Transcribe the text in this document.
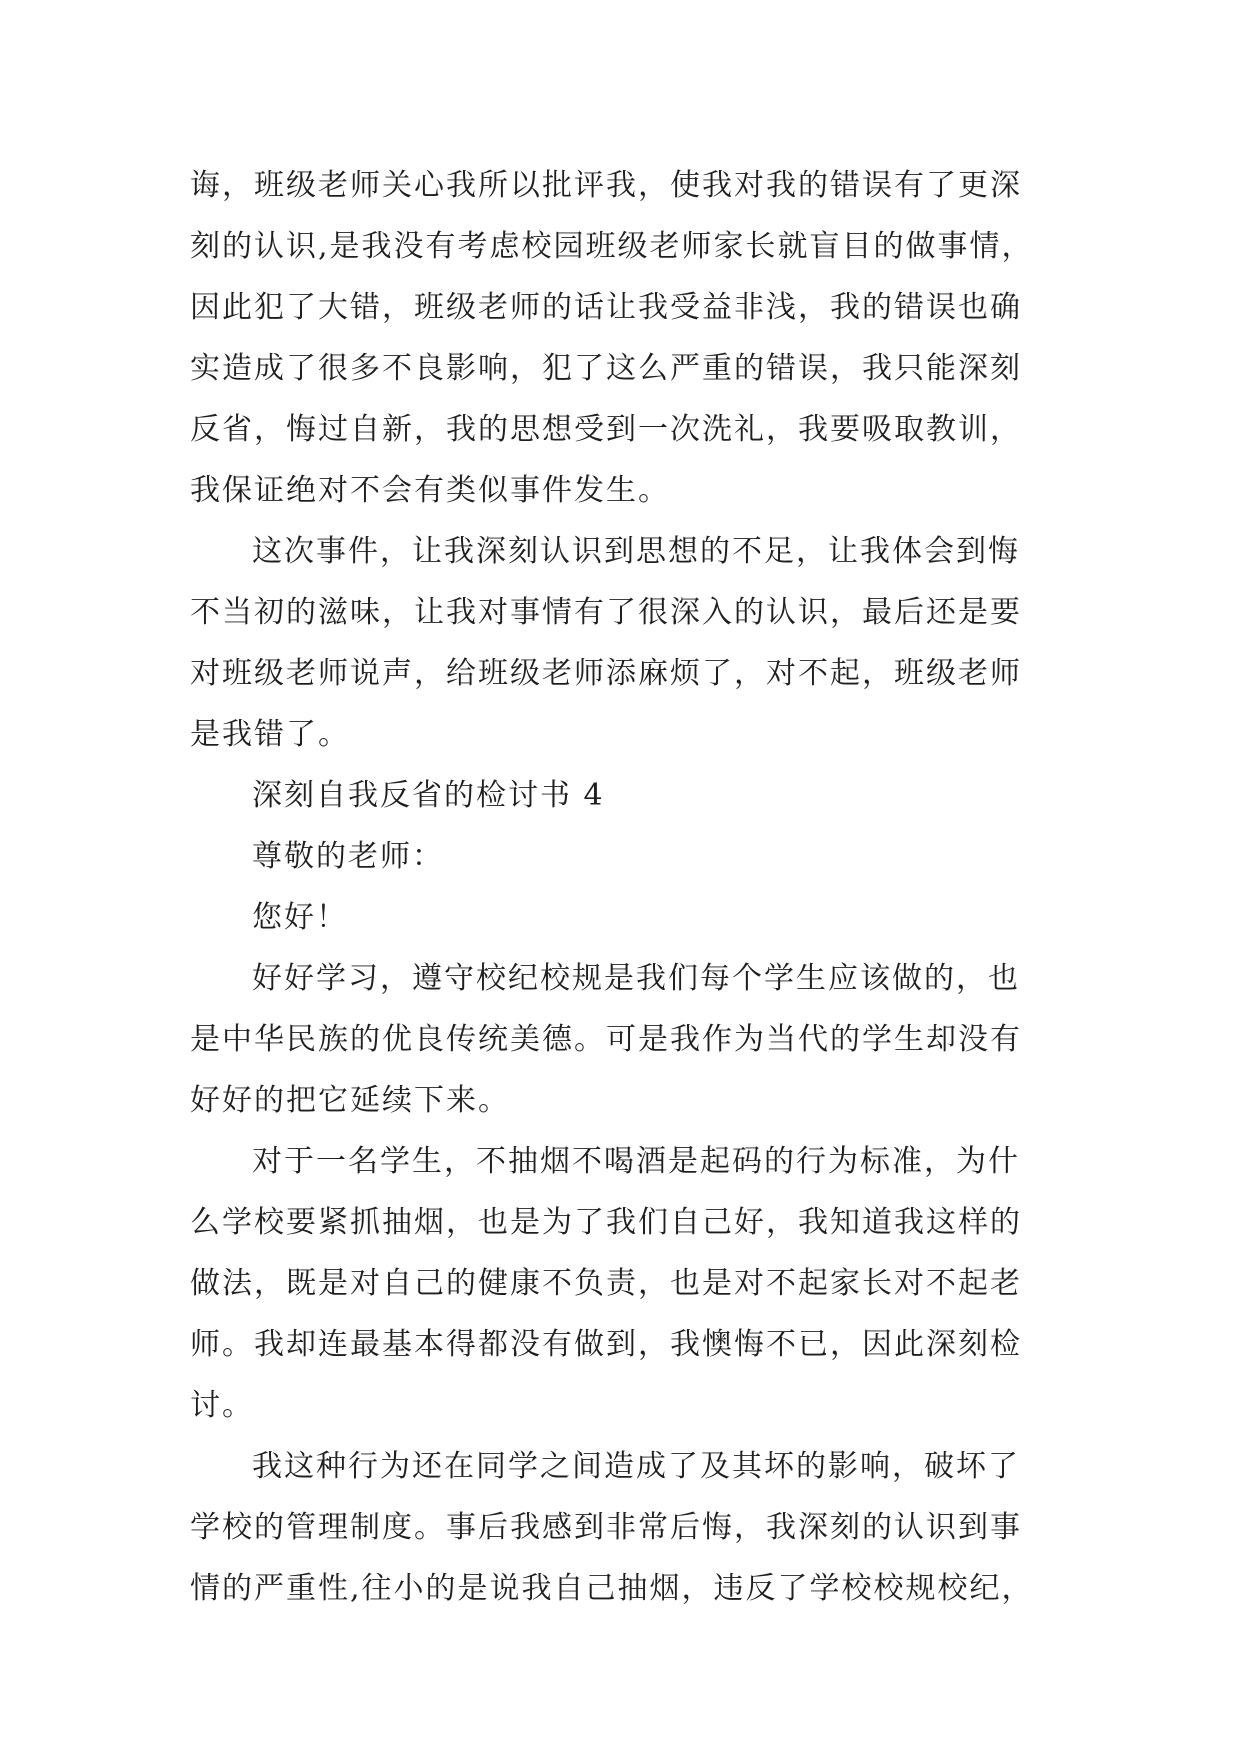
诲，班级老师关心我所以批评我，使我对我的错误有了更深
刻的认识,是我没有考虑校园班级老师家长就盲目的做事情，
因此犯了大错，班级老师的话让我受益非浅，我的错误也确
实造成了很多不良影响，犯了这么严重的错误，我只能深刻
反省，悔过自新，我的思想受到一次洗礼，我要吸取教训，
我保证绝对不会有类似事件发生。
这次事件，让我深刻认识到思想的不足，让我体会到悔
不当初的滋味，让我对事情有了很深入的认识，最后还是要
对班级老师说声，给班级老师添麻烦了，对不起，班级老师
是我错了。
深刻自我反省的检讨书 4
尊敬的老师：
您好！
好好学习，遵守校纪校规是我们每个学生应该做的，也
是中华民族的优良传统美德。可是我作为当代的学生却没有
好好的把它延续下来。
对于一名学生，不抽烟不喝酒是起码的行为标准，为什
么学校要紧抓抽烟，也是为了我们自己好，我知道我这样的
做法，既是对自己的健康不负责，也是对不起家长对不起老
师。我却连最基本得都没有做到，我懊悔不已，因此深刻检
讨。
我这种行为还在同学之间造成了及其坏的影响，破坏了
学校的管理制度。事后我感到非常后悔，我深刻的认识到事
情的严重性,往小的是说我自己抽烟，违反了学校校规校纪，
